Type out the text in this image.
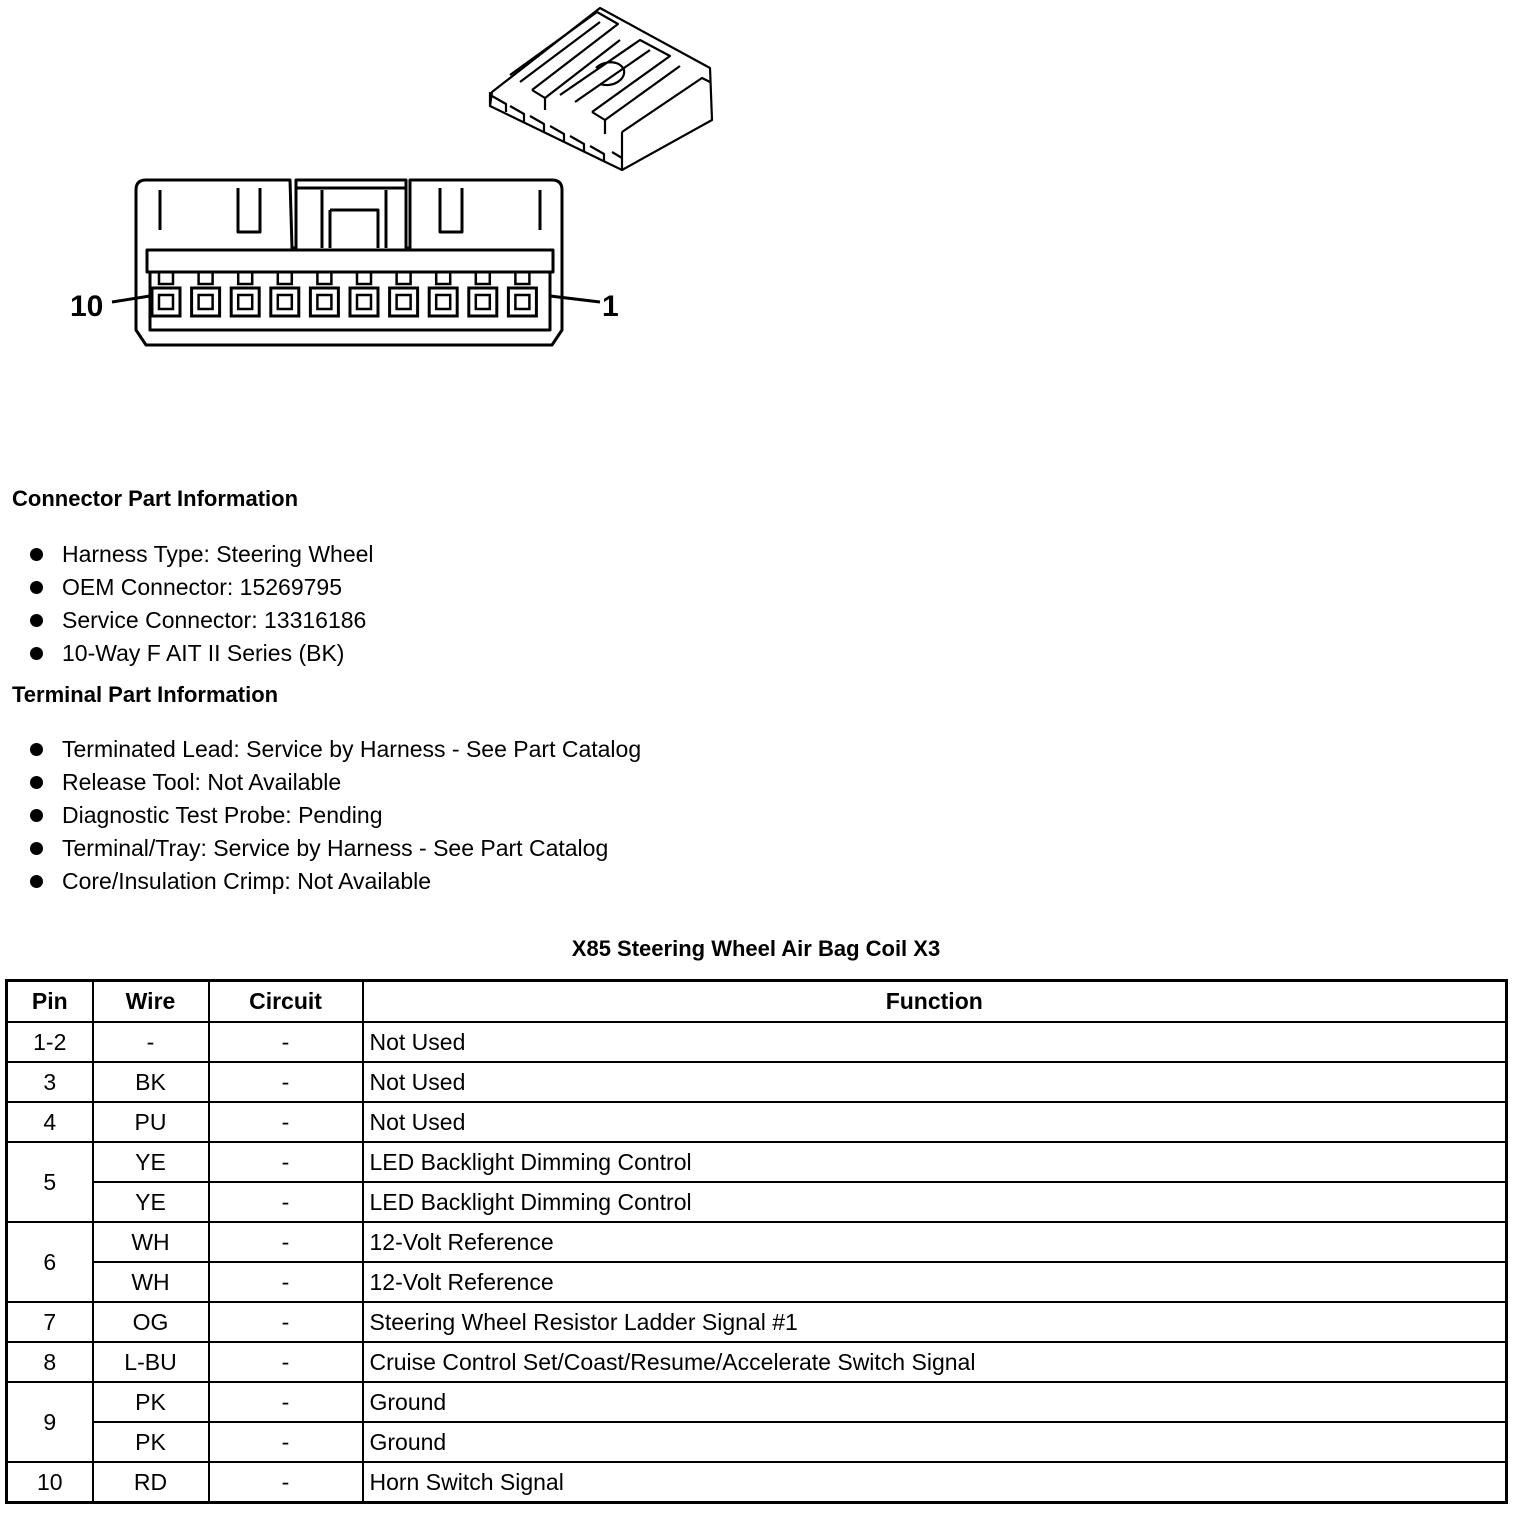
10	1
Connector Part Information
Harness Type: Steering Wheel
OEM Connector: 15269795
Service Connector: 13316186
10-Way F AIT II Series (BK)
Terminal Part Information
Terminated Lead: Service by Harness - See Part Catalog
Release Tool: Not Available
Diagnostic Test Probe: Pending
Terminal/Tray: Service by Harness - See Part Catalog
Core/Insulation Crimp: Not Available
X85 Steering Wheel Air Bag Coil X3
Pin	Wire	Circuit	Function
1-2	-	-	Not Used
3	BK	-	Not Used
4	PU	-	Not Used
5	YE	-	LED Backlight Dimming Control
	YE	-	LED Backlight Dimming Control
6	WH	-	12-Volt Reference
	WH	-	12-Volt Reference
7	OG	-	Steering Wheel Resistor Ladder Signal #1
8	L-BU	-	Cruise Control Set/Coast/Resume/Accelerate Switch Signal
9	PK	-	Ground
	PK	-	Ground
10	RD	-	Horn Switch Signal
